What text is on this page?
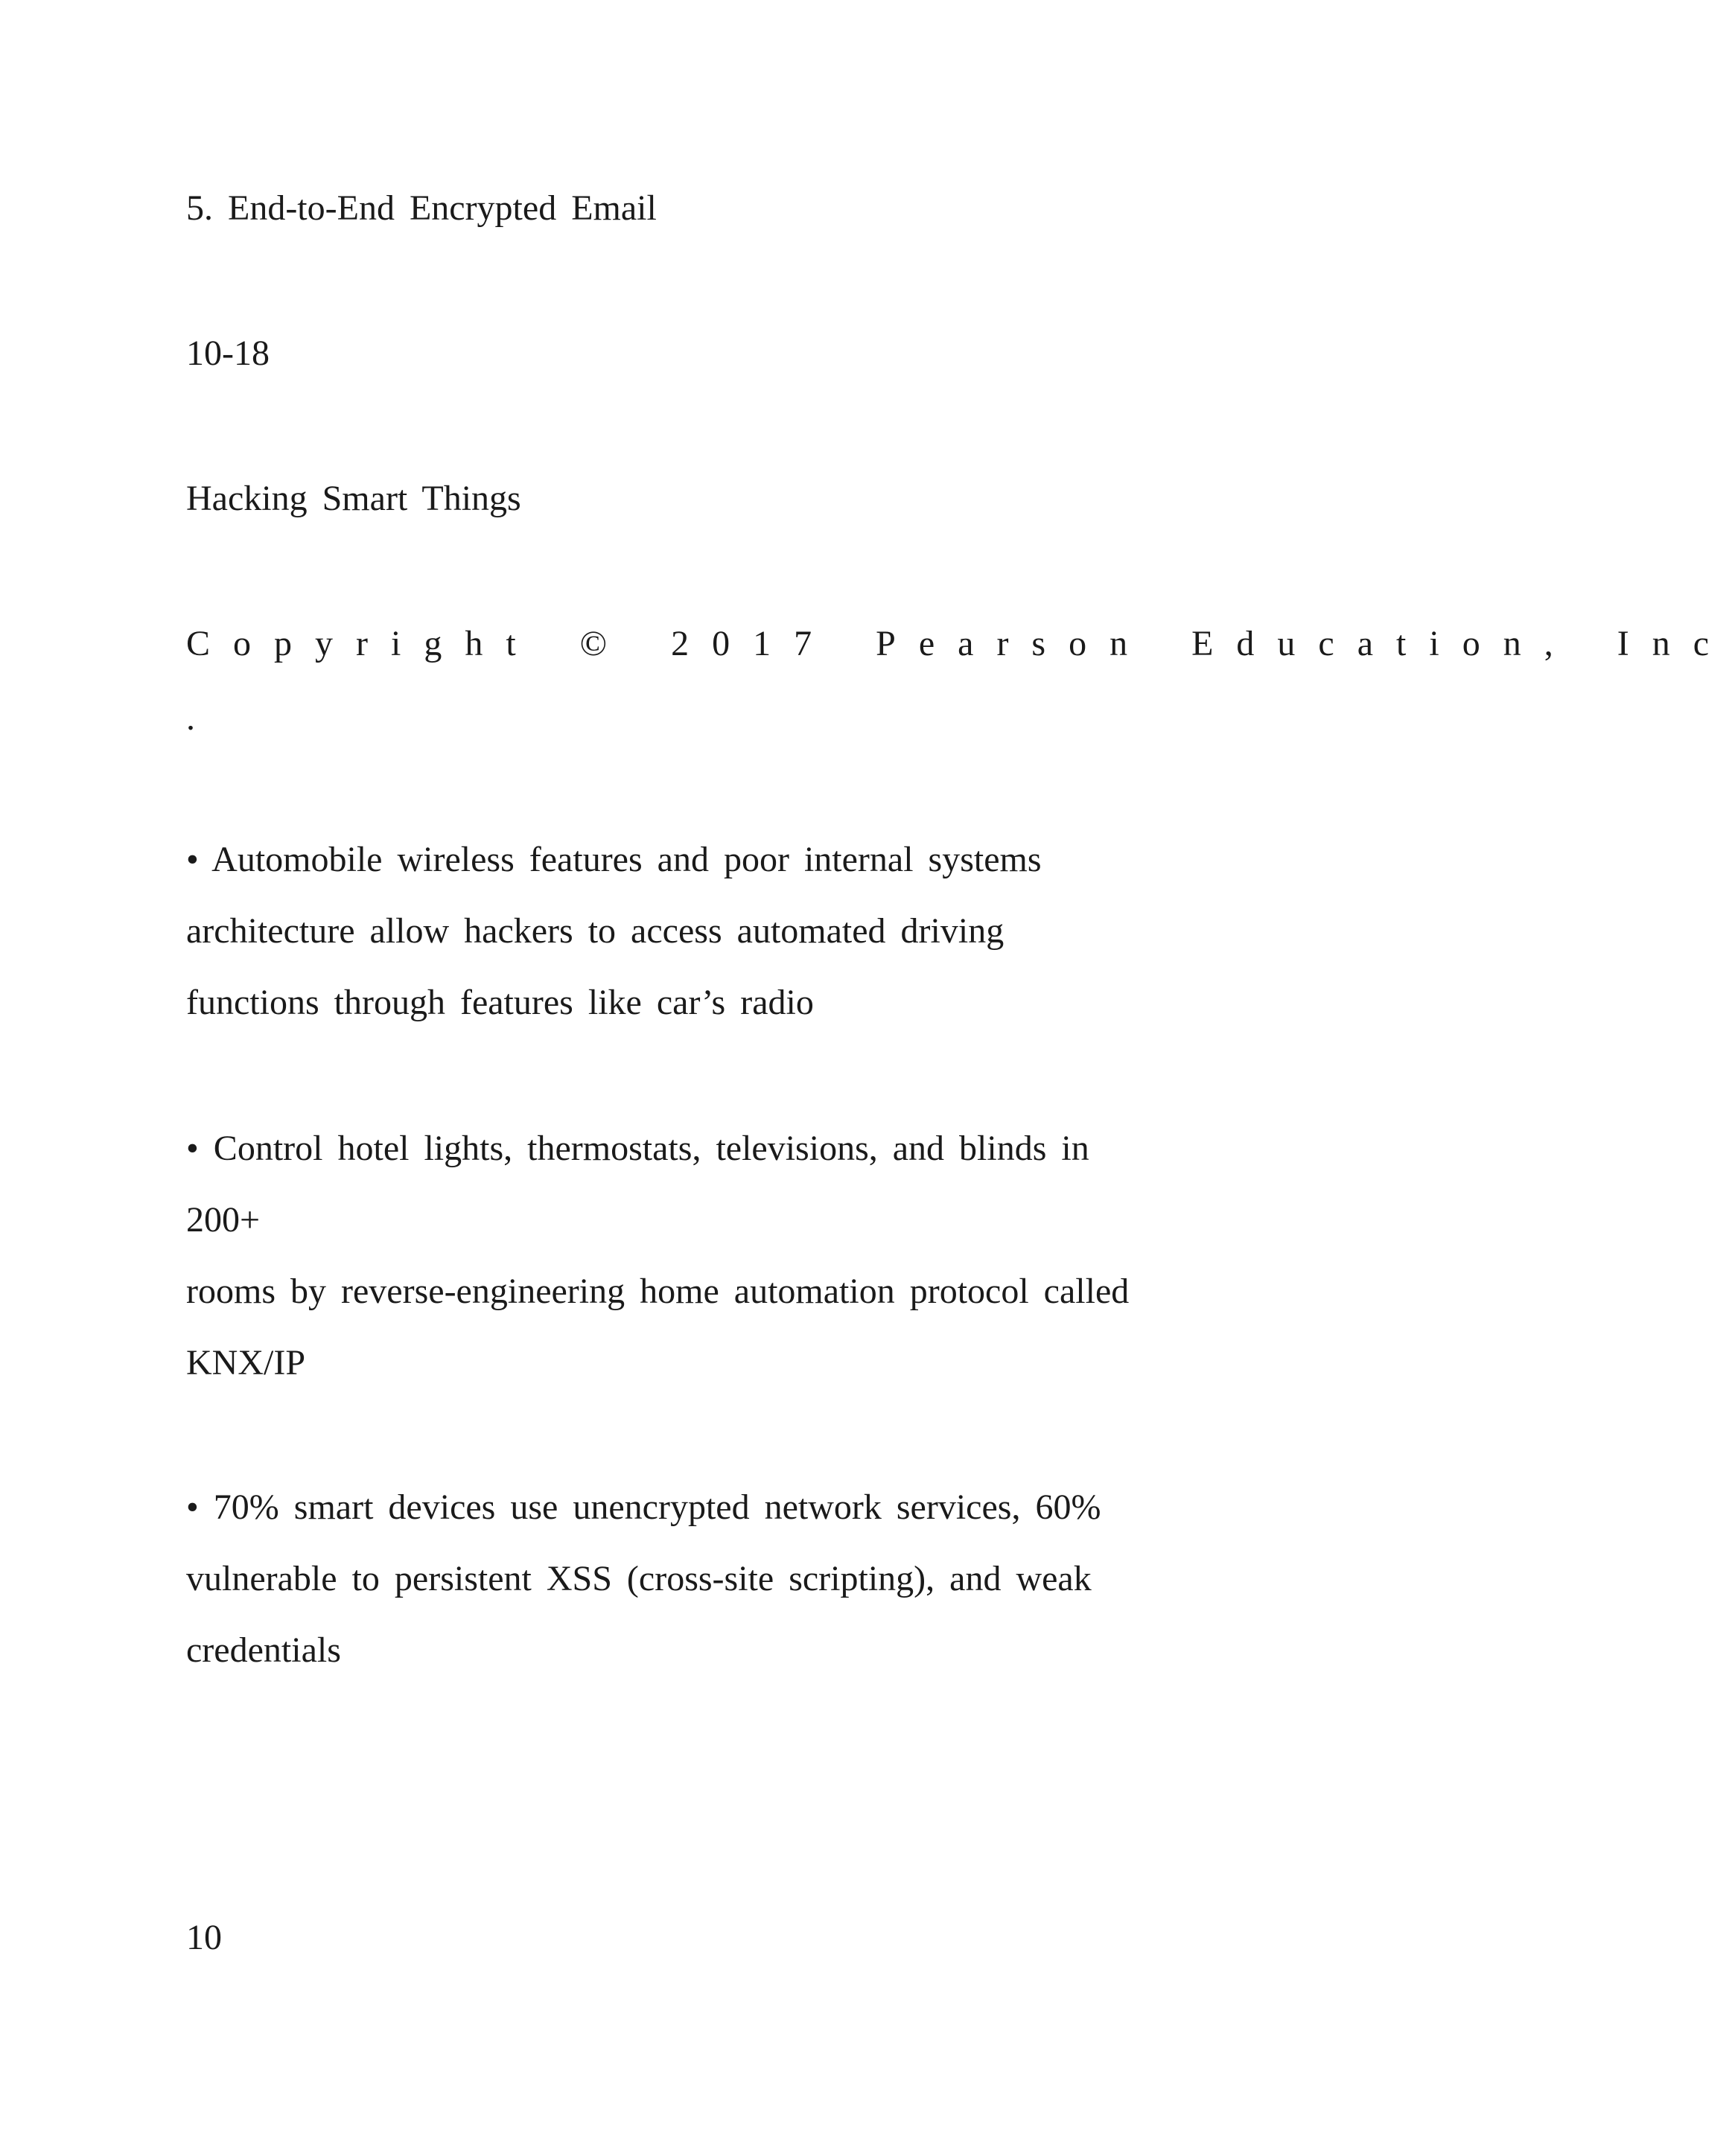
5. End-to-End Encrypted Email
10-18
Hacking Smart Things
Copyright © 2017 Pearson Education, Inc
.
• Automobile wireless features and poor internal systems
architecture allow hackers to access automated driving
functions through features like car’s radio
• Control hotel lights, thermostats, televisions, and blinds in
200+
rooms by reverse-engineering home automation protocol called
KNX/IP
• 70% smart devices use unencrypted network services, 60%
vulnerable to persistent XSS (cross-site scripting), and weak
credentials
10
